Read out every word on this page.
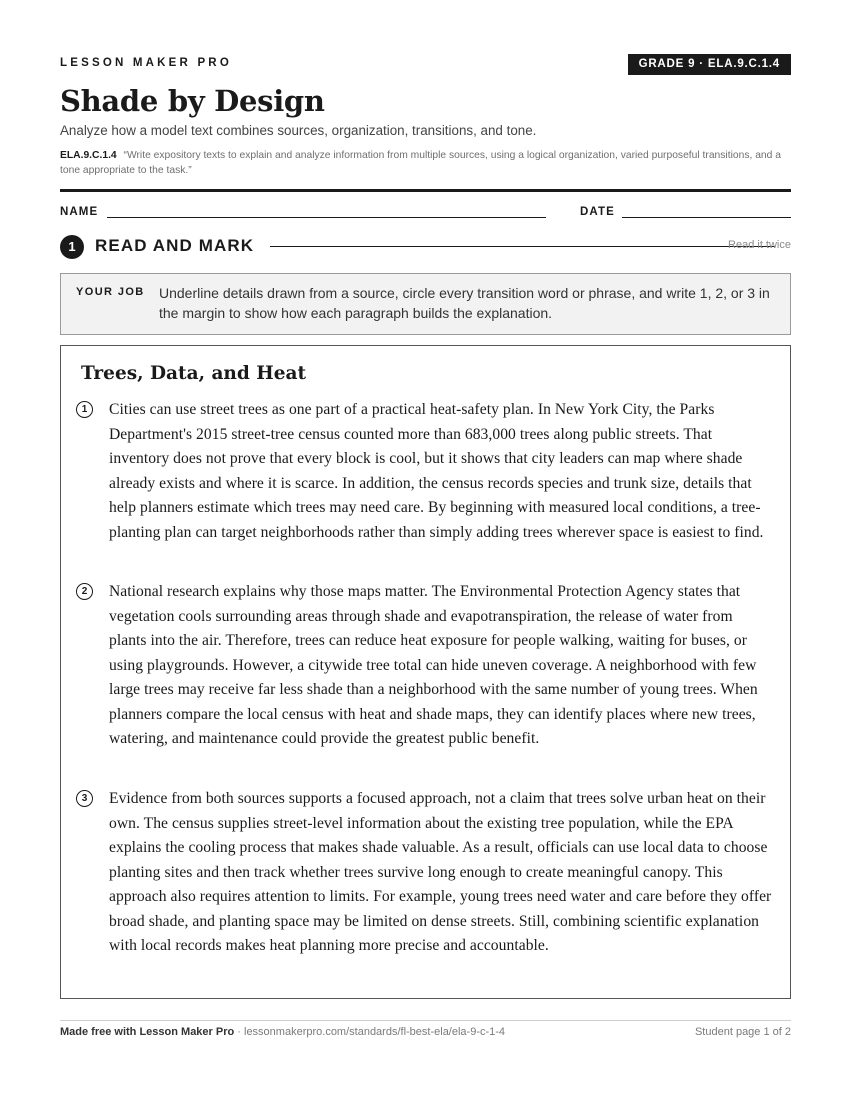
LESSON MAKER PRO	GRADE 9 · ELA.9.C.1.4
Shade by Design
Analyze how a model text combines sources, organization, transitions, and tone.
ELA.9.C.1.4 “Write expository texts to explain and analyze information from multiple sources, using a logical organization, varied purposeful transitions, and a tone appropriate to the task.”
NAME	DATE
1	READ AND MARK	Read it twice
YOUR JOB Underline details drawn from a source, circle every transition word or phrase, and write 1, 2, or 3 in the margin to show how each paragraph builds the explanation.
Trees, Data, and Heat
1	Cities can use street trees as one part of a practical heat-safety plan. In New York City, the Parks Department's 2015 street-tree census counted more than 683,000 trees along public streets. That inventory does not prove that every block is cool, but it shows that city leaders can map where shade already exists and where it is scarce. In addition, the census records species and trunk size, details that help planners estimate which trees may need care. By beginning with measured local conditions, a tree-planting plan can target neighborhoods rather than simply adding trees wherever space is easiest to find.

2	National research explains why those maps matter. The Environmental Protection Agency states that vegetation cools surrounding areas through shade and evapotranspiration, the release of water from plants into the air. Therefore, trees can reduce heat exposure for people walking, waiting for buses, or using playgrounds. However, a citywide tree total can hide uneven coverage. A neighborhood with few large trees may receive far less shade than a neighborhood with the same number of young trees. When planners compare the local census with heat and shade maps, they can identify places where new trees, watering, and maintenance could provide the greatest public benefit.

3	Evidence from both sources supports a focused approach, not a claim that trees solve urban heat on their own. The census supplies street-level information about the existing tree population, while the EPA explains the cooling process that makes shade valuable. As a result, officials can use local data to choose planting sites and then track whether trees survive long enough to create meaningful canopy. This approach also requires attention to limits. For example, young trees need water and care before they offer broad shade, and planting space may be limited on dense streets. Still, combining scientific explanation with local records makes heat planning more precise and accountable.

Made free with Lesson Maker Pro · lessonmakerpro.com/standards/fl-best-ela/ela-9-c-1-4	Student page 1 of 2
